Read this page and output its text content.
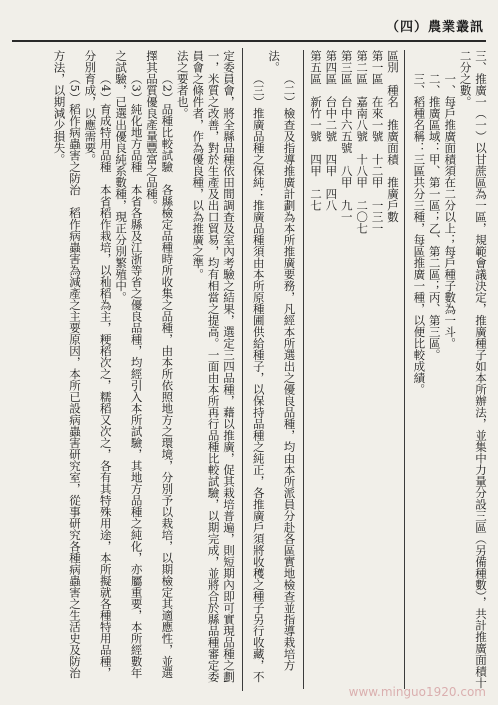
（四） 農業叢訊

三、推廣一（一）以甘蔗區為一區，規範會議決定，推廣種子如本所辦法，並集中力量分設三區（另備種數），共計推廣面積十二分之數。

一、每戶推廣面積須在二分以上；每戶種子數為一斗。

二、推廣區域：甲、第一區；乙、第二區；丙、第三區。

三、稻種名稱：三區共分三種，每區推廣一種，以便比較成績。

區別　種名　推廣面積　推廣戶數
第一區　在來一號　十二甲　一三一
第二區　嘉南八號　十八甲　二〇七
第三區　台中六五號　八甲　九一
第四區　台中二號　四甲　四八
第五區　新竹一號　四甲　二七

（二）檢查及指導推廣計劃為本所推廣要務，凡經本所選出之優良品種，均由本所派員分赴各區實地檢查並指導栽培方法。

（三）推廣品種之保純：推廣品種須由本所原種圃供給種子，以保持品種之純正，各推廣戶須將收穫之種子另行收藏，不

定委員會，將全縣品種依田間調查及室內考驗之結果，選定三四品種，藉以推廣，促其栽培普遍，則短期內即可實現品種之劃一，米質之改善，對於生產及出口貿易，均有相當之提高。一面由本所再行品種比較試驗，以期完成，並將合於縣品種審定委員會之條件者，作為優良種，以為推廣之準。

法之要者也。

（2）品種比較試驗　各縣檢定品種時所收集之品種，由本所依照地方之環境，分別予以栽培，以期檢定其適應性，並選擇其品質優良產量豐富之品種。

（3）純化地方品種　本省各縣及江浙等省之優良品種，均經引入本所試驗，其地方品種之純化，亦屬重要，本所經數年之試驗，已選出優良純系數種，現正分別繁殖中。

（4）育成特用品種　本省稻作栽培，以秈稻為主，粳稻次之，糯稻又次之，各有其特殊用途，本所擬就各種特用品種，分別育成，以應需要。

（5）稻作病蟲害之防治　稻作病蟲害為減產之主要原因，本所已設病蟲害研究室，從事研究各種病蟲害之生活史及防治方法，以期減少損失。

www.minguo1920.com
